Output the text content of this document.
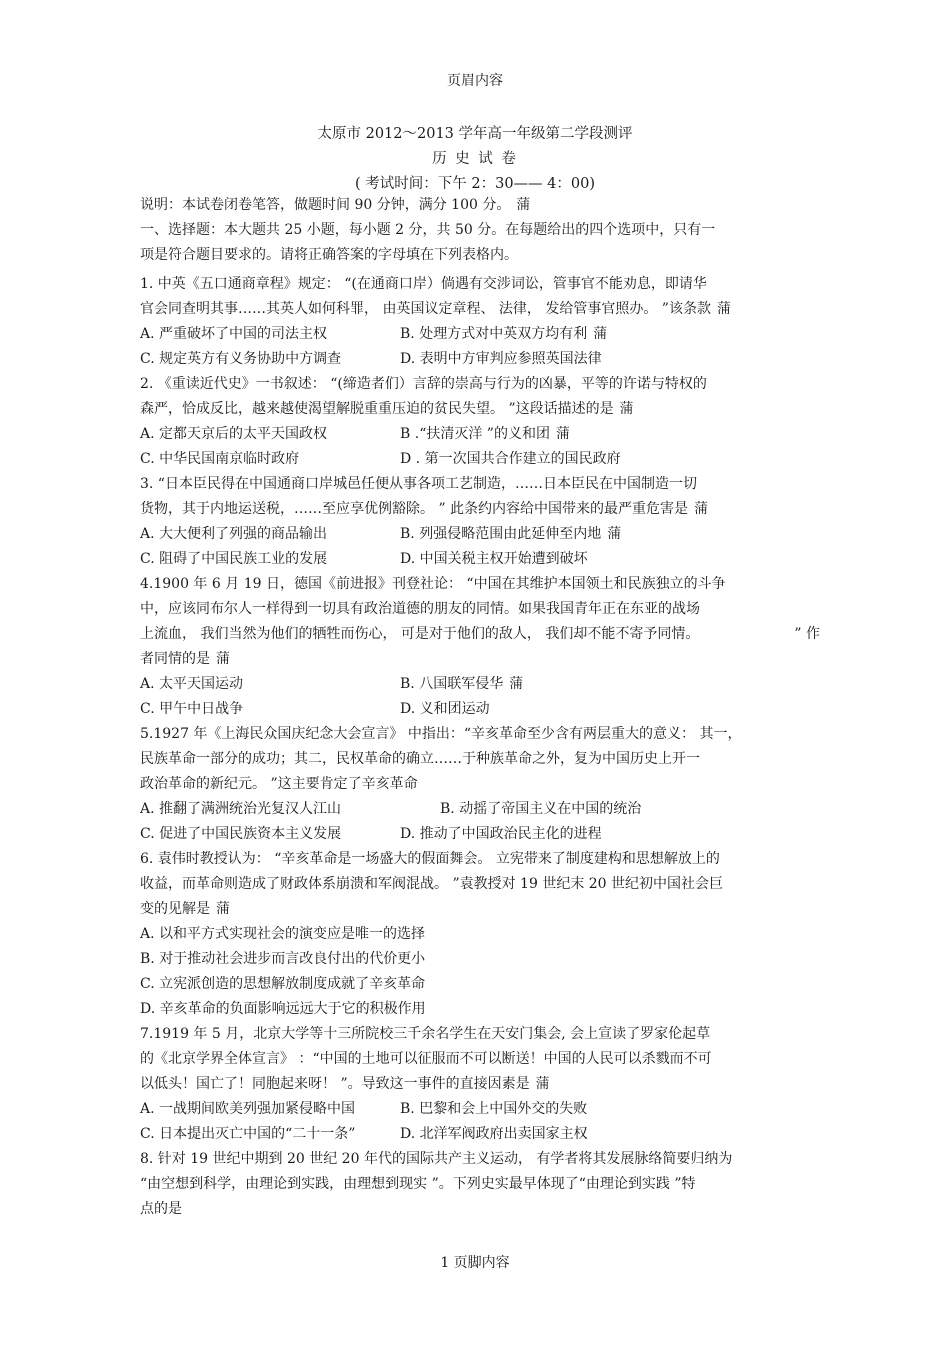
页眉内容
太原市 2012～2013 学年高一年级第二学段测评
历 史 试 卷
( 考试时间：下午 2：30—— 4：00)
说明：本试卷闭卷笔答，做题时间 90 分钟，满分 100 分。 蒲
一、选择题：本大题共 25 小题，每小题 2 分，共 50 分。在每题给出的四个选项中，只有一
项是符合题目要求的。请将正确答案的字母填在下列表格内。
1. 中英《五口通商章程》规定： “(在通商口岸）倘遇有交涉词讼，管事官不能劝息，即请华
官会同查明其事……其英人如何科罪， 由英国议定章程、 法律， 发给管事官照办。 ”该条款 蒲
A. 严重破坏了中国的司法主权	B. 处理方式对中英双方均有利 蒲
C. 规定英方有义务协助中方调查	D. 表明中方审判应参照英国法律
2. 《重读近代史》一书叙述： “(缔造者们）言辞的崇高与行为的凶暴，平等的许诺与特权的
森严，恰成反比，越来越使渴望解脱重重压迫的贫民失望。 ”这段话描述的是 蒲
A. 定都天京后的太平天国政权	B .“扶清灭洋 ”的义和团 蒲
C. 中华民国南京临时政府	D . 第一次国共合作建立的国民政府
3. “日本臣民得在中国通商口岸城邑任便从事各项工艺制造，……日本臣民在中国制造一切
货物，其于内地运送税，……至应享优例豁除。 ” 此条约内容给中国带来的最严重危害是 蒲
A. 大大便利了列强的商品输出	B. 列强侵略范围由此延伸至内地 蒲
C. 阻碍了中国民族工业的发展	D. 中国关税主权开始遭到破坏
4.1900 年 6 月 19 日，德国《前进报》刊登社论： “中国在其维护本国领土和民族独立的斗争
中，应该同布尔人一样得到一切具有政治道德的朋友的同情。如果我国青年正在东亚的战场
上流血， 我们当然为他们的牺牲而伤心， 可是对于他们的敌人， 我们却不能不寄予同情。	” 作
者同情的是 蒲
A. 太平天国运动	B. 八国联军侵华 蒲
C. 甲午中日战争	D. 义和团运动
5.1927 年《上海民众国庆纪念大会宣言》 中指出：“辛亥革命至少含有两层重大的意义： 其一，
民族革命一部分的成功；其二，民权革命的确立……于种族革命之外，复为中国历史上开一
政治革命的新纪元。 ”这主要肯定了辛亥革命
A. 推翻了满洲统治光复汉人江山	B. 动摇了帝国主义在中国的统治
C. 促进了中国民族资本主义发展	D. 推动了中国政治民主化的进程
6. 袁伟时教授认为： “辛亥革命是一场盛大的假面舞会。 立宪带来了制度建构和思想解放上的
收益，而革命则造成了财政体系崩溃和军阀混战。 ”袁教授对 19 世纪末 20 世纪初中国社会巨
变的见解是 蒲
A. 以和平方式实现社会的演变应是唯一的选择
B. 对于推动社会进步而言改良付出的代价更小
C. 立宪派创造的思想解放制度成就了辛亥革命
D. 辛亥革命的负面影响远远大于它的积极作用
7.1919 年 5 月，北京大学等十三所院校三千余名学生在天安门集会, 会上宣读了罗家伦起草
的《北京学界全体宣言》 ：“中国的土地可以征服而不可以断送！中国的人民可以杀戮而不可
以低头！国亡了！同胞起来呀！ ”。导致这一事件的直接因素是 蒲
A. 一战期间欧美列强加紧侵略中国	B. 巴黎和会上中国外交的失败
C. 日本提出灭亡中国的“二十一条”	D. 北洋军阀政府出卖国家主权
8. 针对 19 世纪中期到 20 世纪 20 年代的国际共产主义运动， 有学者将其发展脉络简要归纳为
“由空想到科学，由理论到实践，由理想到现实 ”。下列史实最早体现了“由理论到实践 ”特
点的是
1 页脚内容
